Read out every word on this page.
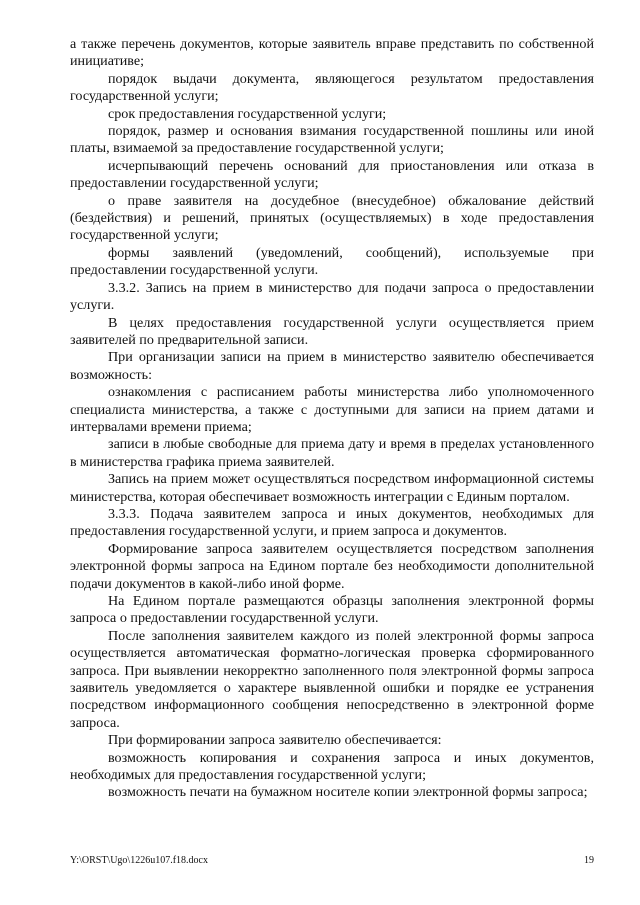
а также перечень документов, которые заявитель вправе представить по собственной инициативе;

порядок выдачи документа, являющегося результатом предоставления государственной услуги;

срок предоставления государственной услуги;

порядок, размер и основания взимания государственной пошлины или иной платы, взимаемой за предоставление государственной услуги;

исчерпывающий перечень оснований для приостановления или отказа в предоставлении государственной услуги;

о праве заявителя на досудебное (внесудебное) обжалование действий (бездействия) и решений, принятых (осуществляемых) в ходе предоставления государственной услуги;

формы заявлений (уведомлений, сообщений), используемые при предоставлении государственной услуги.

3.3.2. Запись на прием в министерство для подачи запроса о предоставлении услуги.

В целях предоставления государственной услуги осуществляется прием заявителей по предварительной записи.

При организации записи на прием в министерство заявителю обеспечивается возможность:

ознакомления с расписанием работы министерства либо уполномоченного специалиста министерства, а также с доступными для записи на прием датами и интервалами времени приема;

записи в любые свободные для приема дату и время в пределах установленного в министерства графика приема заявителей.

Запись на прием может осуществляться посредством информационной системы министерства, которая обеспечивает возможность интеграции с Единым порталом.

3.3.3. Подача заявителем запроса и иных документов, необходимых для предоставления государственной услуги, и прием запроса и документов.

Формирование запроса заявителем осуществляется посредством заполнения электронной формы запроса на Едином портале без необходимости дополнительной подачи документов в какой-либо иной форме.

На Едином портале размещаются образцы заполнения электронной формы запроса о предоставлении государственной услуги.

После заполнения заявителем каждого из полей электронной формы запроса осуществляется автоматическая форматно-логическая проверка сформированного запроса. При выявлении некорректно заполненного поля электронной формы запроса заявитель уведомляется о характере выявленной ошибки и порядке ее устранения посредством информационного сообщения непосредственно в электронной форме запроса.

При формировании запроса заявителю обеспечивается:

возможность копирования и сохранения запроса и иных документов, необходимых для предоставления государственной услуги;

возможность печати на бумажном носителе копии электронной формы запроса;

Y:\ORST\Ugo\1226u107.f18.docx	19
